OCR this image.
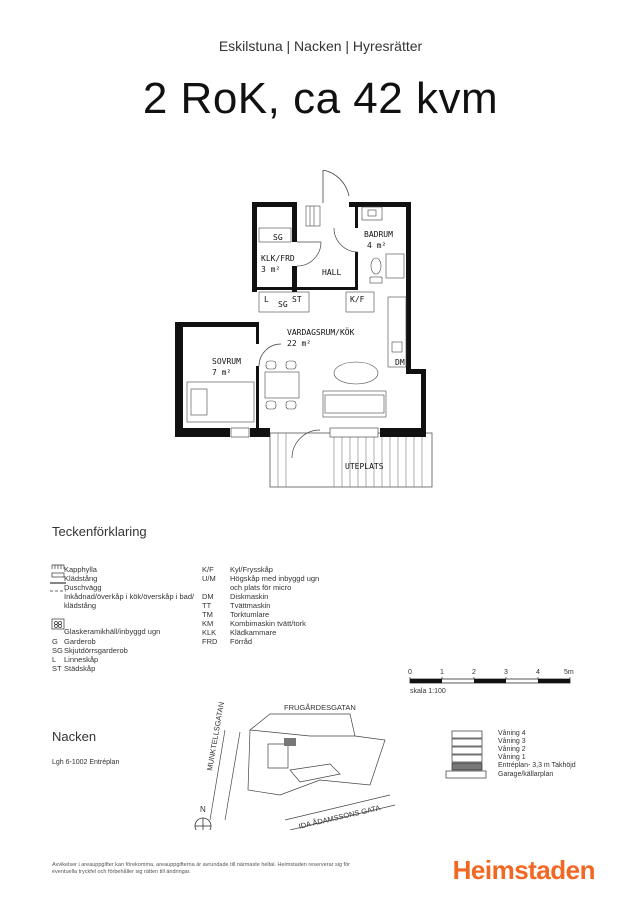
Eskilstuna | Nacken | Hyresrätter
2 RoK, ca 42 kvm
BADRUM
4 m²
KLK/FRD
3 m²	HALL
VARDAGSRUM/KÖK
22 m²
SOVRUM
7 m²
UTEPLATS
SG
SG
L	ST	K/F
DM
Teckenförklaring
Kapphylla
Klädstång
Duschvägg
Inkådnad/överkåp i kök/överskåp i bad/ klädstång
Glaskeramikhäll/inbyggd ugn
G Garderob
SG Skjutdörrsgarderob
L	Linneskåp
ST Städskåp
K/F	Kyl/Frysskåp
U/M	Högskåp med inbyggd ugn och plats för micro
DM	Diskmaskin
TT	Tvättmaskin
TM	Torktumlare
KM	Kombimaskin tvätt/tork
KLK	Klädkammare
FRD	Förråd
0	1	2	3	4	5m
skala 1:100
Nacken
Lgh 6-1002 Entréplan
FRUGÅRDESGATAN
MUNKTELLSGATAN
IDA ÅDAMSSONS GATA
N
Våning 4
Våning 3
Våning 2
Våning 1
Entréplan- 3,3 m Takhöjd
Garage/källarplan
Avvikelser i areauppgifter kan förekomma, areauppgifterna är avrundade till närmaste heltal. Heimstaden reserverar sig för eventuella tryckfel och förbehåller sig rätten till ändringar.	Heimstaden
